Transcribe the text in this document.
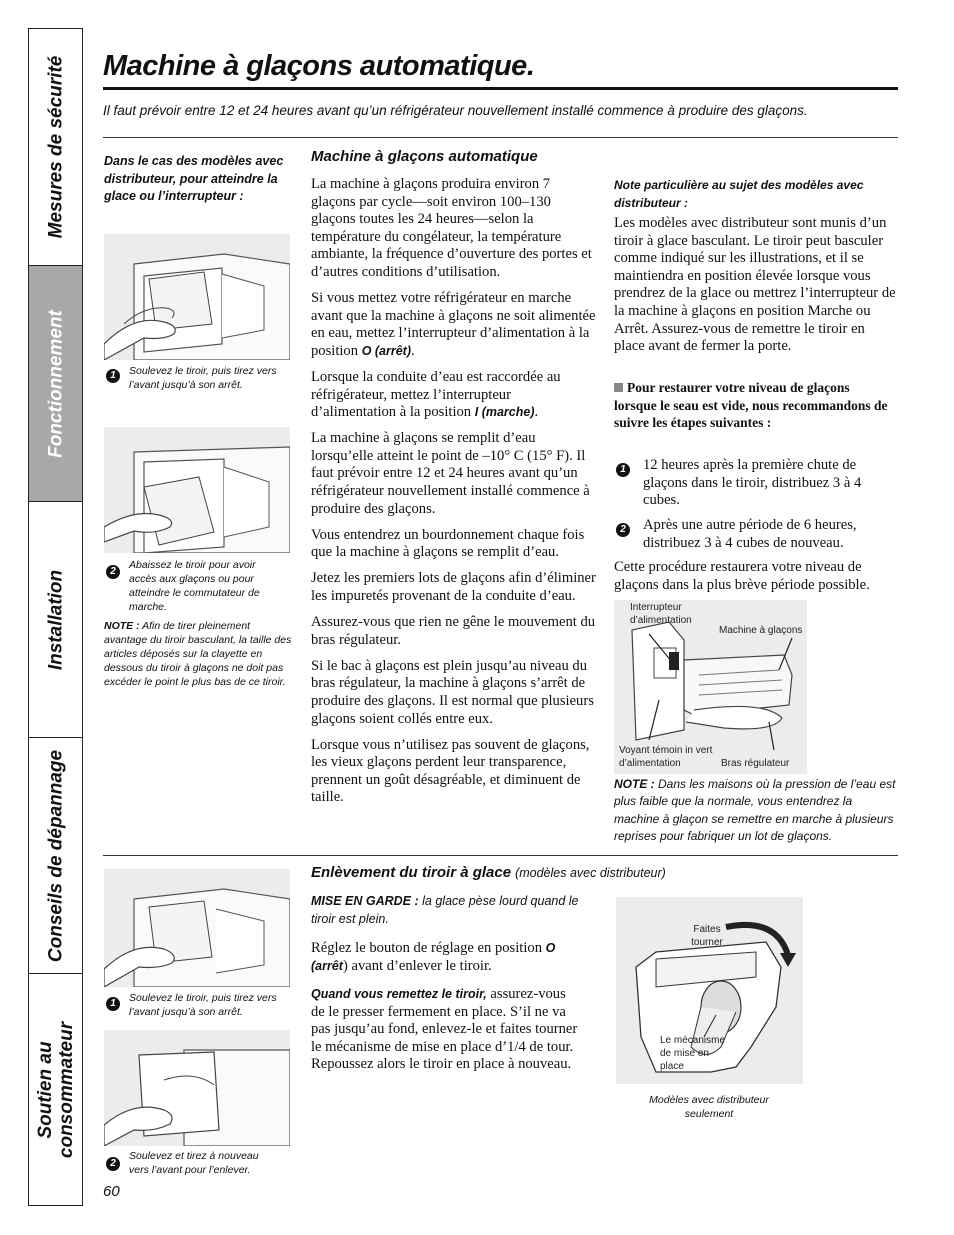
Mesures de sécurité
Fonctionnement
Installation
Conseils de dépannage
Soutien au consommateur
Machine à glaçons automatique.
Il faut prévoir entre 12 et 24 heures avant qu’un réfrigérateur nouvellement installé commence à produire des glaçons.
Dans le cas des modèles avec distributeur, pour atteindre la glace ou l’interrupteur :
1	Soulevez le tiroir, puis tirez vers l’avant jusqu’à son arrêt.
2
Abaissez le tiroir pour avoir accès aux glaçons ou pour atteindre le commutateur de marche.
NOTE : Afin de tirer pleinement avantage du tiroir basculant, la taille des articles déposés sur la clayette en dessous du tiroir à glaçons ne doit pas excéder le point le plus bas de ce tiroir.
Machine à glaçons automatique

La machine à glaçons produira environ 7 glaçons par cycle—soit environ 100–130 glaçons toutes les 24 heures—selon la température du congélateur, la température ambiante, la fréquence d’ouverture des portes et d’autres conditions d’utilisation.

Si vous mettez votre réfrigérateur en marche avant que la machine à glaçons ne soit alimentée en eau, mettez l’interrupteur d’alimentation à la position O (arrêt).

Lorsque la conduite d’eau est raccordée au réfrigérateur, mettez l’interrupteur d’alimentation à la position I (marche).

La machine à glaçons se remplit d’eau lorsqu’elle atteint le point de –10° C (15° F). Il faut prévoir entre 12 et 24 heures avant qu’un réfrigérateur nouvellement installé commence à produire des glaçons.

Vous entendrez un bourdonnement chaque fois que la machine à glaçons se remplit d’eau.

Jetez les premiers lots de glaçons afin d’éliminer les impuretés provenant de la conduite d’eau.

Assurez-vous que rien ne gêne le mouvement du bras régulateur.

Si le bac à glaçons est plein jusqu’au niveau du bras régulateur, la machine à glaçons s’arrêt de produire des glaçons. Il est normal que plusieurs glaçons soient collés entre eux.

Lorsque vous n’utilisez pas souvent de glaçons, les vieux glaçons perdent leur transparence, prennent un goût désagréable, et diminuent de taille.

Note particulière au sujet des modèles avec distributeur :
Les modèles avec distributeur sont munis d’un tiroir à glace basculant. Le tiroir peut basculer comme indiqué sur les illustrations, et il se maintiendra en position élevée lorsque vous prendrez de la glace ou mettrez l’interrupteur de la machine à glaçons en position Marche ou Arrêt. Assurez-vous de remettre le tiroir en place avant de fermer la porte.
Pour restaurer votre niveau de glaçons lorsque le seau est vide, nous recommandons de suivre les étapes suivantes :
1 12 heures après la première chute de glaçons dans le tiroir, distribuez 3 à 4 cubes.
2 Après une autre période de 6 heures, distribuez 3 à 4 cubes de nouveau.
Cette procédure restaurera votre niveau de glaçons dans la plus brève période possible.
Interrupteur d’alimentation
Machine à glaçons
Voyant témoin in vert d’alimentation	Bras régulateur
NOTE : Dans les maisons où la pression de l’eau est plus faible que la normale, vous entendrez la machine à glaçon se remettre en marche à plusieurs reprises pour fabriquer un lot de glaçons.
1	Soulevez le tiroir, puis tirez vers l’avant jusqu’à son arrêt.
2
Soulevez et tirez à nouveau vers l’avant pour l’enlever.
Enlèvement du tiroir à glace (modèles avec distributeur)
MISE EN GARDE : la glace pèse lourd quand le tiroir est plein.
Réglez le bouton de réglage en position O (arrêt) avant d’enlever le tiroir.
Quand vous remettez le tiroir, assurez-vous de le presser fermement en place. S’il ne va pas jusqu’au fond, enlevez-le et faites tourner le mécanisme de mise en place d’1/4 de tour. Repoussez alors le tiroir en place à nouveau.
Faites tourner
Le mécanisme de mise en place
Modèles avec distributeur seulement
60
